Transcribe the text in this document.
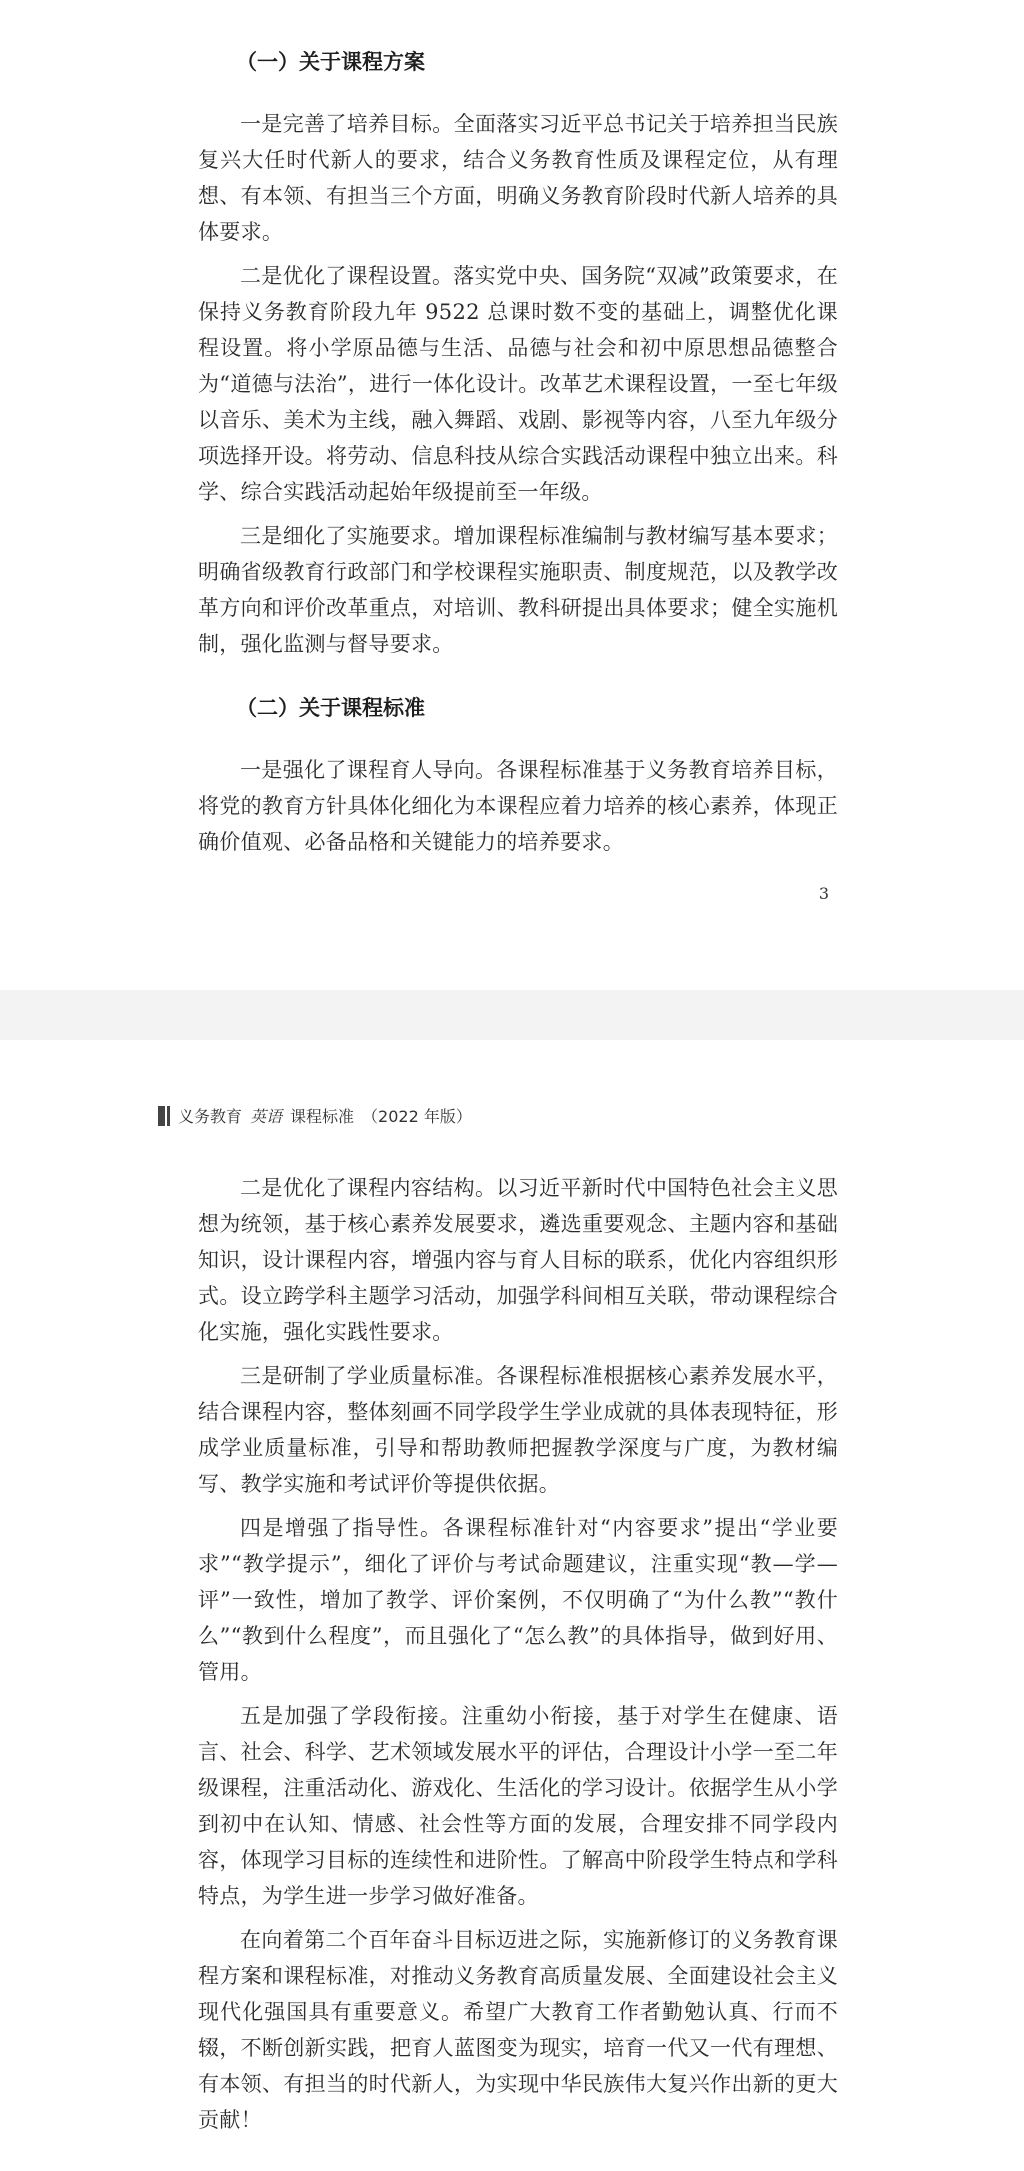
（一）关于课程方案

一是完善了培养目标。全面落实习近平总书记关于培养担当民族复兴大任时代新人的要求，结合义务教育性质及课程定位，从有理想、有本领、有担当三个方面，明确义务教育阶段时代新人培养的具体要求。

二是优化了课程设置。落实党中央、国务院“双减”政策要求，在保持义务教育阶段九年 9522 总课时数不变的基础上，调整优化课程设置。将小学原品德与生活、品德与社会和初中原思想品德整合为“道德与法治”，进行一体化设计。改革艺术课程设置，一至七年级以音乐、美术为主线，融入舞蹈、戏剧、影视等内容，八至九年级分项选择开设。将劳动、信息科技从综合实践活动课程中独立出来。科学、综合实践活动起始年级提前至一年级。

三是细化了实施要求。增加课程标准编制与教材编写基本要求；明确省级教育行政部门和学校课程实施职责、制度规范，以及教学改革方向和评价改革重点，对培训、教科研提出具体要求；健全实施机制，强化监测与督导要求。

（二）关于课程标准

一是强化了课程育人导向。各课程标准基于义务教育培养目标，将党的教育方针具体化细化为本课程应着力培养的核心素养，体现正确价值观、必备品格和关键能力的培养要求。

3
义务教育 英语 课程标准 （2022 年版）

二是优化了课程内容结构。以习近平新时代中国特色社会主义思想为统领，基于核心素养发展要求，遴选重要观念、主题内容和基础知识，设计课程内容，增强内容与育人目标的联系，优化内容组织形式。设立跨学科主题学习活动，加强学科间相互关联，带动课程综合化实施，强化实践性要求。

三是研制了学业质量标准。各课程标准根据核心素养发展水平，结合课程内容，整体刻画不同学段学生学业成就的具体表现特征，形成学业质量标准，引导和帮助教师把握教学深度与广度，为教材编写、教学实施和考试评价等提供依据。

四是增强了指导性。各课程标准针对“内容要求”提出“学业要求”“教学提示”，细化了评价与考试命题建议，注重实现“教—学—评”一致性，增加了教学、评价案例，不仅明确了“为什么教”“教什么”“教到什么程度”，而且强化了“怎么教”的具体指导，做到好用、管用。

五是加强了学段衔接。注重幼小衔接，基于对学生在健康、语言、社会、科学、艺术领域发展水平的评估，合理设计小学一至二年级课程，注重活动化、游戏化、生活化的学习设计。依据学生从小学到初中在认知、情感、社会性等方面的发展，合理安排不同学段内容，体现学习目标的连续性和进阶性。了解高中阶段学生特点和学科特点，为学生进一步学习做好准备。

在向着第二个百年奋斗目标迈进之际，实施新修订的义务教育课程方案和课程标准，对推动义务教育高质量发展、全面建设社会主义现代化强国具有重要意义。希望广大教育工作者勤勉认真、行而不辍，不断创新实践，把育人蓝图变为现实，培育一代又一代有理想、有本领、有担当的时代新人，为实现中华民族伟大复兴作出新的更大贡献！
